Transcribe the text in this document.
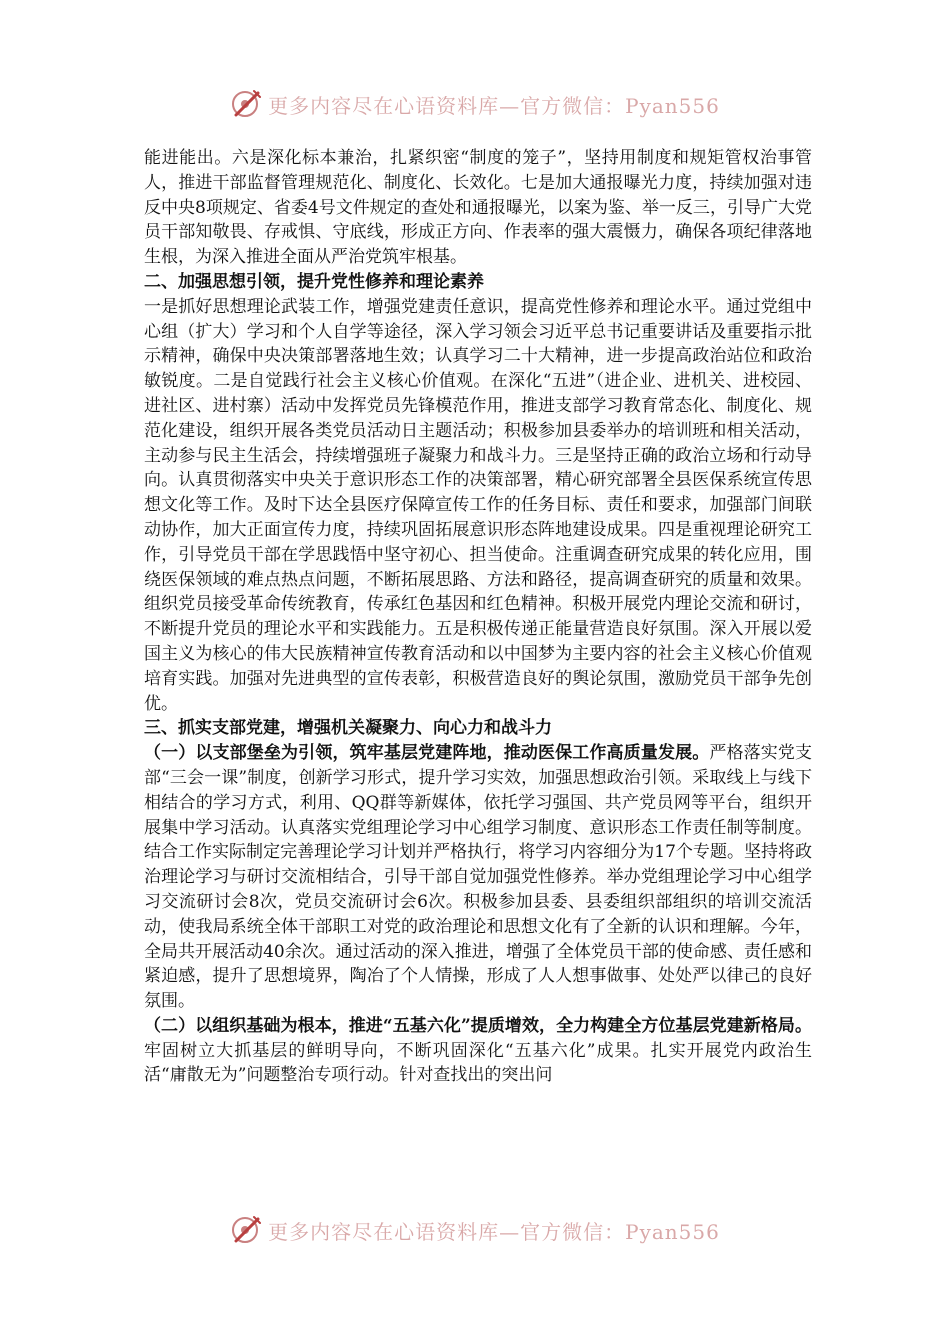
更多内容尽在心语资料库—官方微信：Pyan556

能进能出。六是深化标本兼治，扎紧织密“制度的笼子”，坚持用制度和规矩管权治事管人，推进干部监督管理规范化、制度化、长效化。七是加大通报曝光力度，持续加强对违反中央8项规定、省委4号文件规定的查处和通报曝光，以案为鉴、举一反三，引导广大党员干部知敬畏、存戒惧、守底线，形成正方向、作表率的强大震慑力，确保各项纪律落地生根，为深入推进全面从严治党筑牢根基。

二、加强思想引领，提升党性修养和理论素养

一是抓好思想理论武装工作，增强党建责任意识，提高党性修养和理论水平。通过党组中心组（扩大）学习和个人自学等途径，深入学习领会习近平总书记重要讲话及重要指示批示精神，确保中央决策部署落地生效；认真学习二十大精神，进一步提高政治站位和政治敏锐度。二是自觉践行社会主义核心价值观。在深化“五进”（进企业、进机关、进校园、进社区、进村寨）活动中发挥党员先锋模范作用，推进支部学习教育常态化、制度化、规范化建设，组织开展各类党员活动日主题活动；积极参加县委举办的培训班和相关活动，主动参与民主生活会，持续增强班子凝聚力和战斗力。三是坚持正确的政治立场和行动导向。认真贯彻落实中央关于意识形态工作的决策部署，精心研究部署全县医保系统宣传思想文化等工作。及时下达全县医疗保障宣传工作的任务目标、责任和要求，加强部门间联动协作，加大正面宣传力度，持续巩固拓展意识形态阵地建设成果。四是重视理论研究工作，引导党员干部在学思践悟中坚守初心、担当使命。注重调查研究成果的转化应用，围绕医保领域的难点热点问题，不断拓展思路、方法和路径，提高调查研究的质量和效果。组织党员接受革命传统教育，传承红色基因和红色精神。积极开展党内理论交流和研讨，不断提升党员的理论水平和实践能力。五是积极传递正能量营造良好氛围。深入开展以爱国主义为核心的伟大民族精神宣传教育活动和以中国梦为主要内容的社会主义核心价值观培育实践。加强对先进典型的宣传表彰，积极营造良好的舆论氛围，激励党员干部争先创优。

三、抓实支部党建，增强机关凝聚力、向心力和战斗力

（一）以支部堡垒为引领，筑牢基层党建阵地，推动医保工作高质量发展。严格落实党支部“三会一课”制度，创新学习形式，提升学习实效，加强思想政治引领。采取线上与线下相结合的学习方式，利用、QQ群等新媒体，依托学习强国、共产党员网等平台，组织开展集中学习活动。认真落实党组理论学习中心组学习制度、意识形态工作责任制等制度。结合工作实际制定完善理论学习计划并严格执行，将学习内容细分为17个专题。坚持将政治理论学习与研讨交流相结合，引导干部自觉加强党性修养。举办党组理论学习中心组学习交流研讨会8次，党员交流研讨会6次。积极参加县委、县委组织部组织的培训交流活动，使我局系统全体干部职工对党的政治理论和思想文化有了全新的认识和理解。今年，全局共开展活动40余次。通过活动的深入推进，增强了全体党员干部的使命感、责任感和紧迫感，提升了思想境界，陶冶了个人情操，形成了人人想事做事、处处严以律己的良好氛围。

（二）以组织基础为根本，推进“五基六化”提质增效，全力构建全方位基层党建新格局。牢固树立大抓基层的鲜明导向，不断巩固深化“五基六化”成果。扎实开展党内政治生活“庸散无为”问题整治专项行动。针对查找出的突出问

更多内容尽在心语资料库—官方微信：Pyan556
